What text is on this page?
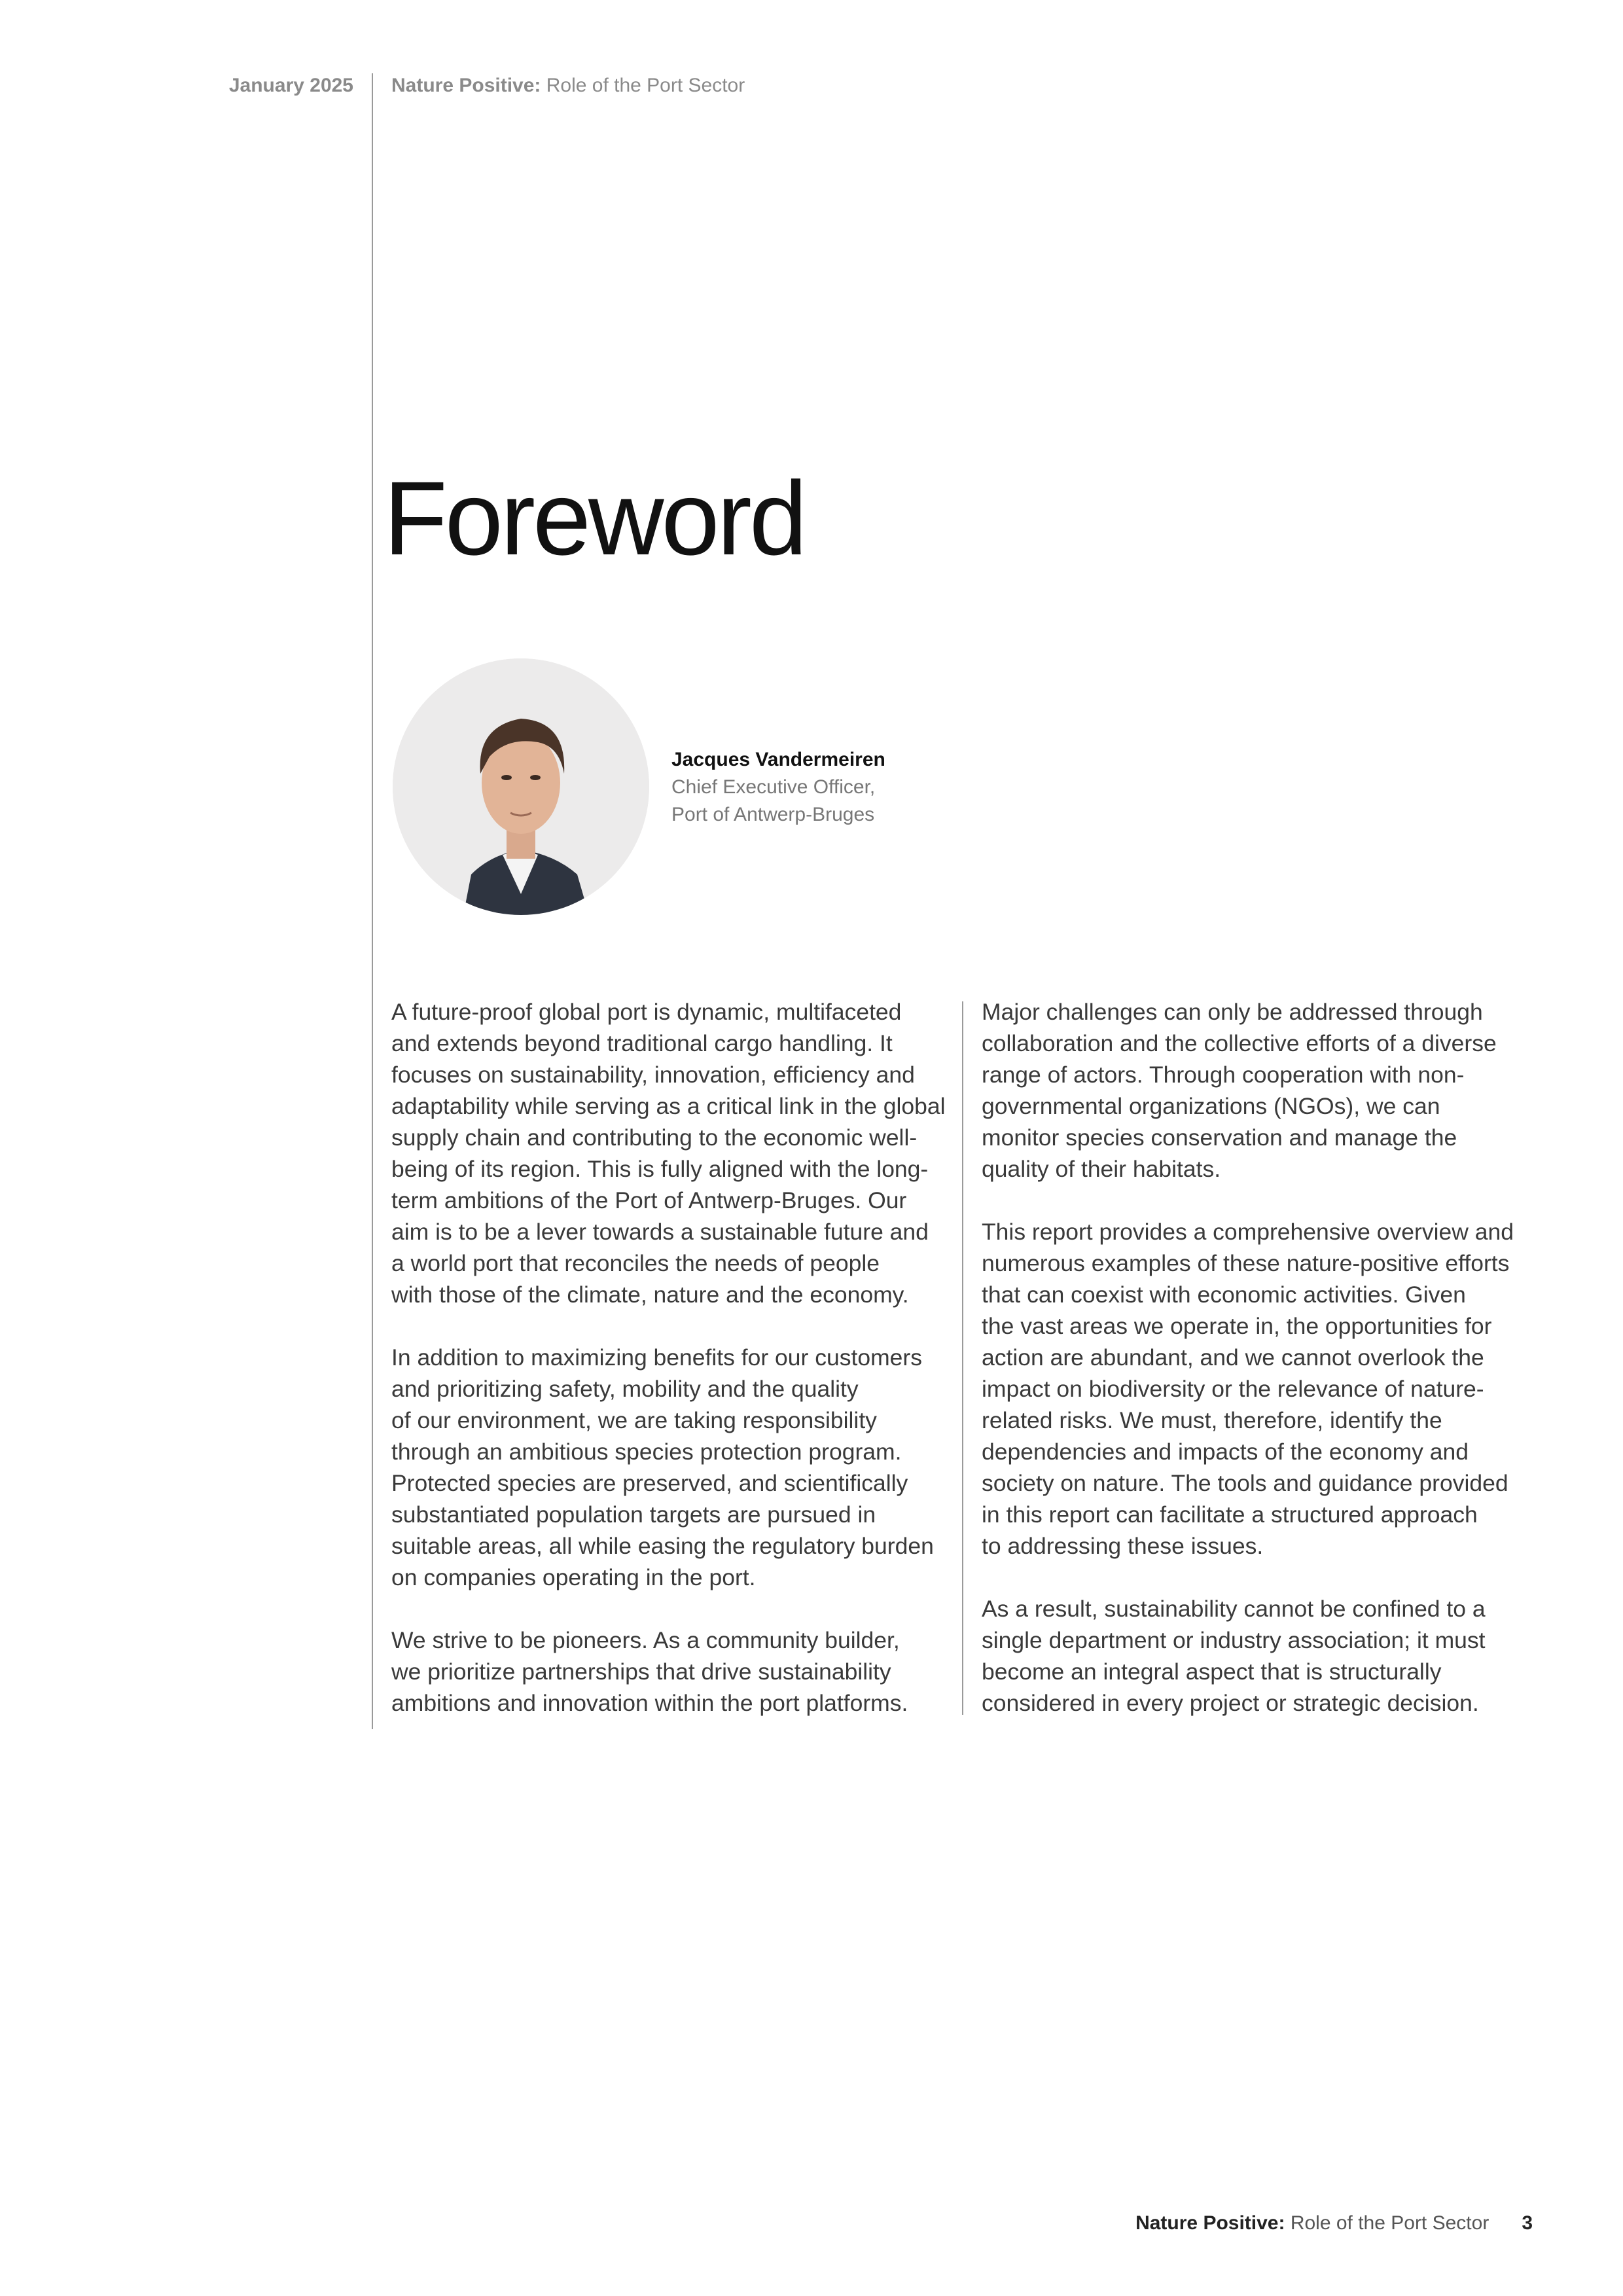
January 2025 Nature Positive: Role of the Port Sector
Foreword
Jacques Vandermeiren
Chief Executive Officer,
Port of Antwerp-Bruges

A future-proof global port is dynamic, multifaceted
and extends beyond traditional cargo handling. It
focuses on sustainability, innovation, efficiency and
adaptability while serving as a critical link in the global
supply chain and contributing to the economic well-
being of its region. This is fully aligned with the long-
term ambitions of the Port of Antwerp-Bruges. Our
aim is to be a lever towards a sustainable future and
a world port that reconciles the needs of people
with those of the climate, nature and the economy.

In addition to maximizing benefits for our customers
and prioritizing safety, mobility and the quality
of our environment, we are taking responsibility
through an ambitious species protection program.
Protected species are preserved, and scientifically
substantiated population targets are pursued in
suitable areas, all while easing the regulatory burden
on companies operating in the port.

We strive to be pioneers. As a community builder,
we prioritize partnerships that drive sustainability
ambitions and innovation within the port platforms.

Major challenges can only be addressed through
collaboration and the collective efforts of a diverse
range of actors. Through cooperation with non-
governmental organizations (NGOs), we can
monitor species conservation and manage the
quality of their habitats.

This report provides a comprehensive overview and
numerous examples of these nature-positive efforts
that can coexist with economic activities. Given
the vast areas we operate in, the opportunities for
action are abundant, and we cannot overlook the
impact on biodiversity or the relevance of nature-
related risks. We must, therefore, identify the
dependencies and impacts of the economy and
society on nature. The tools and guidance provided
in this report can facilitate a structured approach
to addressing these issues.

As a result, sustainability cannot be confined to a
single department or industry association; it must
become an integral aspect that is structurally
considered in every project or strategic decision.

Nature Positive: Role of the Port Sector 3
